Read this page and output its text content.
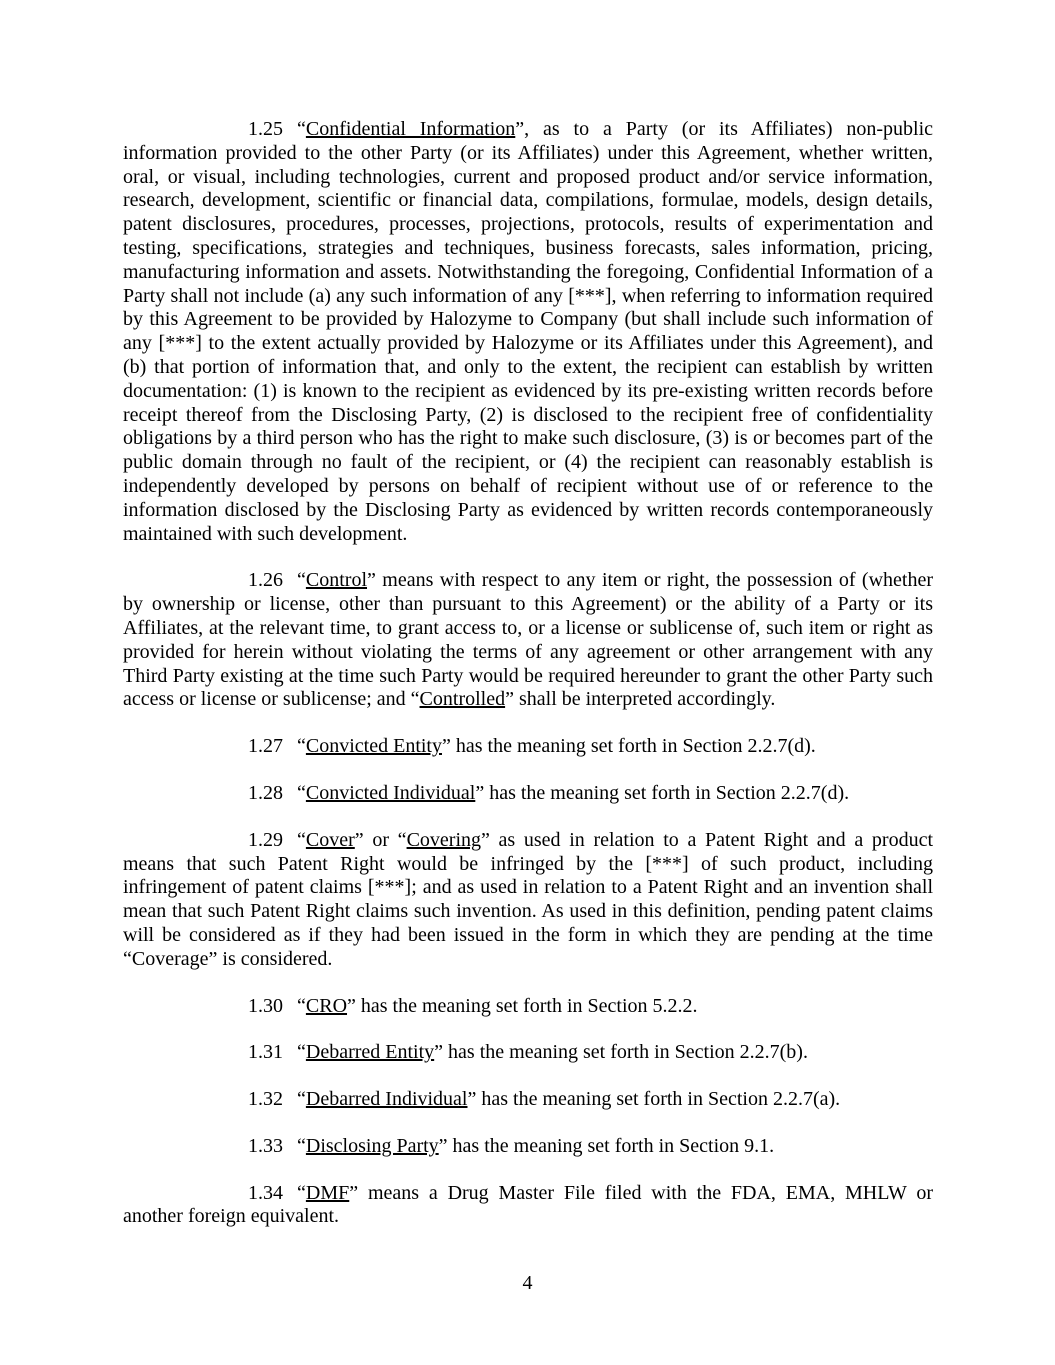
1.25 “Confidential Information”, as to a Party (or its Affiliates) non-public information provided to the other Party (or its Affiliates) under this Agreement, whether written, oral, or visual, including technologies, current and proposed product and/or service information, research, development, scientific or financial data, compilations, formulae, models, design details, patent disclosures, procedures, processes, projections, protocols, results of experimentation and testing, specifications, strategies and techniques, business forecasts, sales information, pricing, manufacturing information and assets. Notwithstanding the foregoing, Confidential Information of a Party shall not include (a) any such information of any [***], when referring to information required by this Agreement to be provided by Halozyme to Company (but shall include such information of any [***] to the extent actually provided by Halozyme or its Affiliates under this Agreement), and (b) that portion of information that, and only to the extent, the recipient can establish by written documentation: (1) is known to the recipient as evidenced by its pre-existing written records before receipt thereof from the Disclosing Party, (2) is disclosed to the recipient free of confidentiality obligations by a third person who has the right to make such disclosure, (3) is or becomes part of the public domain through no fault of the recipient, or (4) the recipient can reasonably establish is independently developed by persons on behalf of recipient without use of or reference to the information disclosed by the Disclosing Party as evidenced by written records contemporaneously maintained with such development.

1.26 “Control” means with respect to any item or right, the possession of (whether by ownership or license, other than pursuant to this Agreement) or the ability of a Party or its Affiliates, at the relevant time, to grant access to, or a license or sublicense of, such item or right as provided for herein without violating the terms of any agreement or other arrangement with any Third Party existing at the time such Party would be required hereunder to grant the other Party such access or license or sublicense; and “Controlled” shall be interpreted accordingly.

1.27 “Convicted Entity” has the meaning set forth in Section 2.2.7(d).

1.28 “Convicted Individual” has the meaning set forth in Section 2.2.7(d).

1.29 “Cover” or “Covering” as used in relation to a Patent Right and a product means that such Patent Right would be infringed by the [***] of such product, including infringement of patent claims [***]; and as used in relation to a Patent Right and an invention shall mean that such Patent Right claims such invention. As used in this definition, pending patent claims will be considered as if they had been issued in the form in which they are pending at the time “Coverage” is considered.

1.30 “CRO” has the meaning set forth in Section 5.2.2.

1.31 “Debarred Entity” has the meaning set forth in Section 2.2.7(b).

1.32 “Debarred Individual” has the meaning set forth in Section 2.2.7(a).

1.33 “Disclosing Party” has the meaning set forth in Section 9.1.

1.34 “DMF” means a Drug Master File filed with the FDA, EMA, MHLW or another foreign equivalent.

4
